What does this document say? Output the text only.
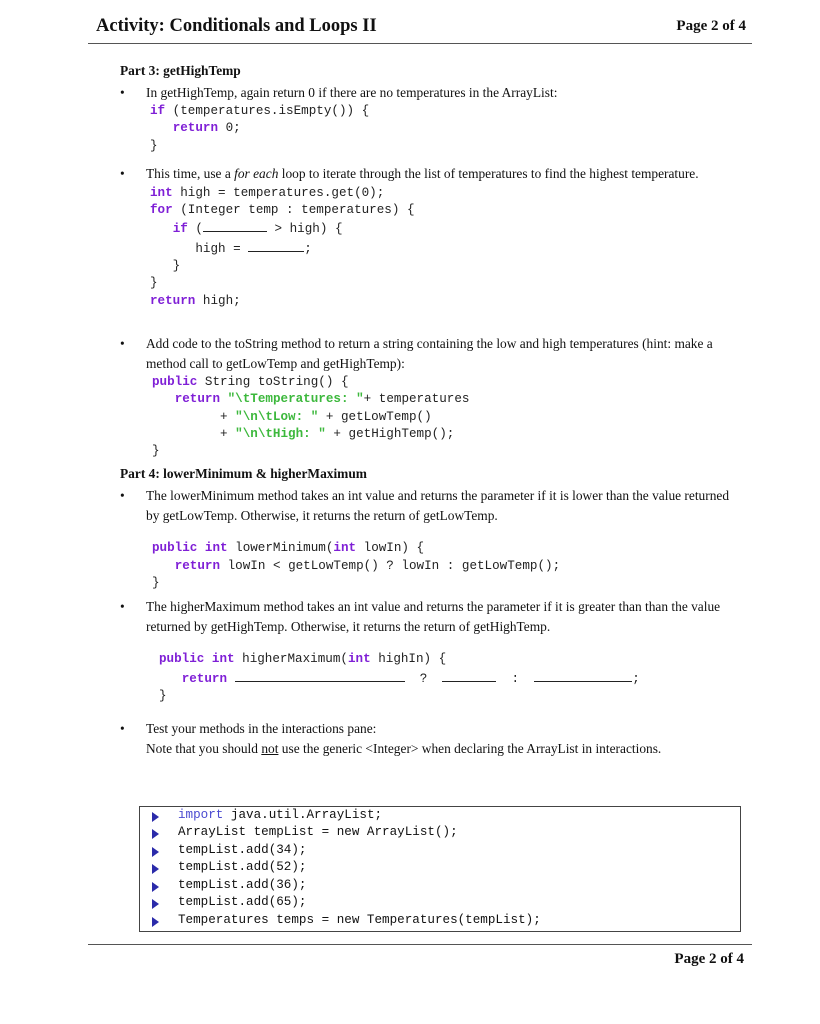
Activity: Conditionals and Loops II	Page 2 of 4
Part 3: getHighTemp
• In getHighTemp, again return 0 if there are no temperatures in the ArrayList:
if (temperatures.isEmpty()) {
return 0;
}
• This time, use a for each loop to iterate through the list of temperatures to find the highest temperature.
int high = temperatures.get(0);
for (Integer temp : temperatures) {
if (	> high) {
high =	;
}
}
return high;
• Add code to the toString method to return a string containing the low and high temperatures (hint: make a method call to getLowTemp and getHighTemp):
public String toString() {
return "\tTemperatures: "+ temperatures
+ "\n\tLow: " + getLowTemp()
+ "\n\tHigh: " + getHighTemp();
}
Part 4: lowerMinimum & higherMaximum
• The lowerMinimum method takes an int value and returns the parameter if it is lower than the value returned by getLowTemp. Otherwise, it returns the return of getLowTemp.
public int lowerMinimum(int lowIn) {
return lowIn < getLowTemp() ? lowIn : getLowTemp();
}
• The higherMaximum method takes an int value and returns the parameter if it is greater than than the value returned by getHighTemp. Otherwise, it returns the return of getHighTemp.
public int higherMaximum(int highIn) {
return	?	:	;
}
• Test your methods in the interactions pane:
Note that you should not use the generic <Integer> when declaring the ArrayList in interactions.
import java.util.ArrayList;
ArrayList tempList = new ArrayList();
tempList.add(34);
tempList.add(52);
tempList.add(36);
tempList.add(65);
Temperatures temps = new Temperatures(tempList);
Page 2 of 4
